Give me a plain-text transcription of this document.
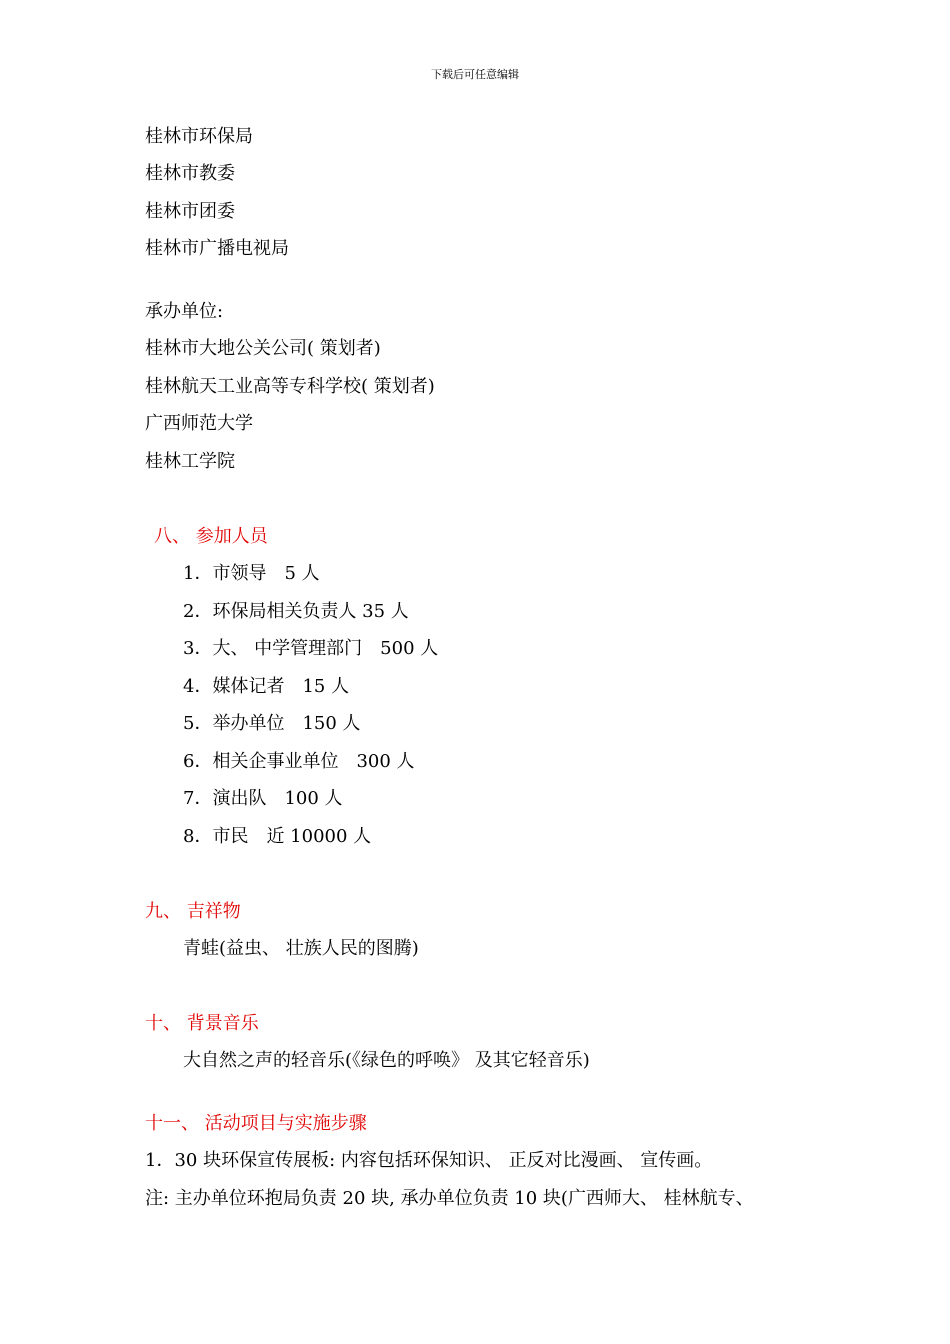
下载后可任意编辑
桂林市环保局
桂林市教委
桂林市团委
桂林市广播电视局
承办单位:
桂林市大地公关公司( 策划者)
桂林航天工业高等专科学校( 策划者)
广西师范大学
桂林工学院
八、 参加人员
1．市领导　5 人
2．环保局相关负责人 35 人
3．大、 中学管理部门　500 人
4．媒体记者　15 人
5．举办单位　150 人
6．相关企事业单位　300 人
7．演出队　100 人
8．市民　近 10000 人
九、 吉祥物
青蛙(益虫、 壮族人民的图腾)
十、 背景音乐
大自然之声的轻音乐(《绿色的呼唤》 及其它轻音乐)
十一、 活动项目与实施步骤
1．30 块环保宣传展板: 内容包括环保知识、 正反对比漫画、 宣传画。
注: 主办单位环抱局负责 20 块, 承办单位负责 10 块(广西师大、 桂林航专、
